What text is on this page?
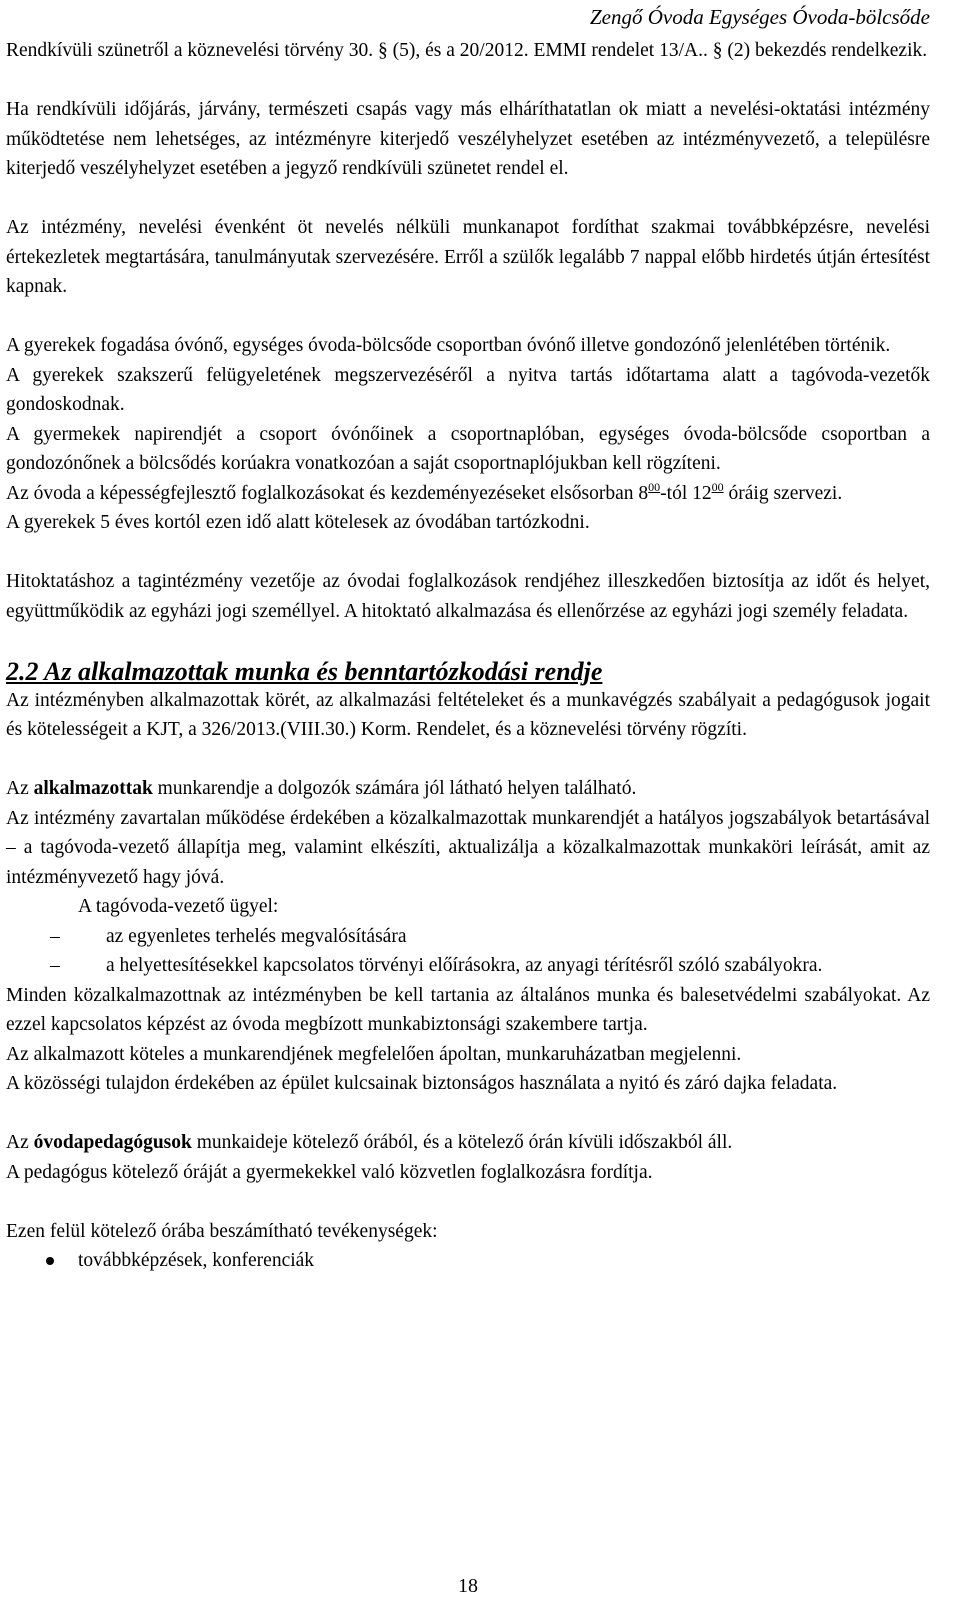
Zengő Óvoda Egységes Óvoda-bölcsőde

Rendkívüli szünetről a köznevelési törvény 30. § (5), és a 20/2012. EMMI rendelet 13/A.. § (2) bekezdés rendelkezik.

Ha rendkívüli időjárás, járvány, természeti csapás vagy más elháríthatatlan ok miatt a nevelési-oktatási intézmény működtetése nem lehetséges, az intézményre kiterjedő veszélyhelyzet esetében az intézményvezető, a településre kiterjedő veszélyhelyzet esetében a jegyző rendkívüli szünetet rendel el.

Az intézmény, nevelési évenként öt nevelés nélküli munkanapot fordíthat szakmai továbbképzésre, nevelési értekezletek megtartására, tanulmányutak szervezésére. Erről a szülők legalább 7 nappal előbb hirdetés útján értesítést kapnak.

A gyerekek fogadása óvónő, egységes óvoda-bölcsőde csoportban óvónő illetve gondozónő jelenlétében történik.

A gyerekek szakszerű felügyeletének megszervezéséről a nyitva tartás időtartama alatt a tagóvoda-vezetők gondoskodnak.

A gyermekek napirendjét a csoport óvónőinek a csoportnaplóban, egységes óvoda-bölcsőde csoportban a gondozónőnek a bölcsődés korúakra vonatkozóan a saját csoportnaplójukban kell rögzíteni.

Az óvoda a képességfejlesztő foglalkozásokat és kezdeményezéseket elsősorban $8^{00}$-tól $12^{00}$ óráig szervezi.

A gyerekek 5 éves kortól ezen idő alatt kötelesek az óvodában tartózkodni.

Hitoktatáshoz a tagintézmény vezetője az óvodai foglalkozások rendjéhez illeszkedően biztosítja az időt és helyet, együttműködik az egyházi jogi személlyel. A hitoktató alkalmazása és ellenőrzése az egyházi jogi személy feladata.

2.2 Az alkalmazottak munka és benntartózkodási rendje

Az intézményben alkalmazottak körét, az alkalmazási feltételeket és a munkavégzés szabályait a pedagógusok jogait és kötelességeit a KJT, a 326/2013.(VIII.30.) Korm. Rendelet, és a köznevelési törvény rögzíti.

Az alkalmazottak munkarendje a dolgozók számára jól látható helyen található.

Az intézmény zavartalan működése érdekében a közalkalmazottak munkarendjét a hatályos jogszabályok betartásával – a tagóvoda-vezető állapítja meg, valamint elkészíti, aktualizálja a közalkalmazottak munkaköri leírását, amit az intézményvezető hagy jóvá.

A tagóvoda-vezető ügyel:

– az egyenletes terhelés megvalósítására
– a helyettesítésekkel kapcsolatos törvényi előírásokra, az anyagi térítésről szóló szabályokra.

Minden közalkalmazottnak az intézményben be kell tartania az általános munka és balesetvédelmi szabályokat. Az ezzel kapcsolatos képzést az óvoda megbízott munkabiztonsági szakembere tartja.

Az alkalmazott köteles a munkarendjének megfelelően ápoltan, munkaruházatban megjelenni.

A közösségi tulajdon érdekében az épület kulcsainak biztonságos használata a nyitó és záró dajka feladata.

Az óvodapedagógusok munkaideje kötelező órából, és a kötelező órán kívüli időszakból áll.

A pedagógus kötelező óráját a gyermekekkel való közvetlen foglalkozásra fordítja.

Ezen felül kötelező órába beszámítható tevékenységek:

továbbképzések, konferenciák
18
